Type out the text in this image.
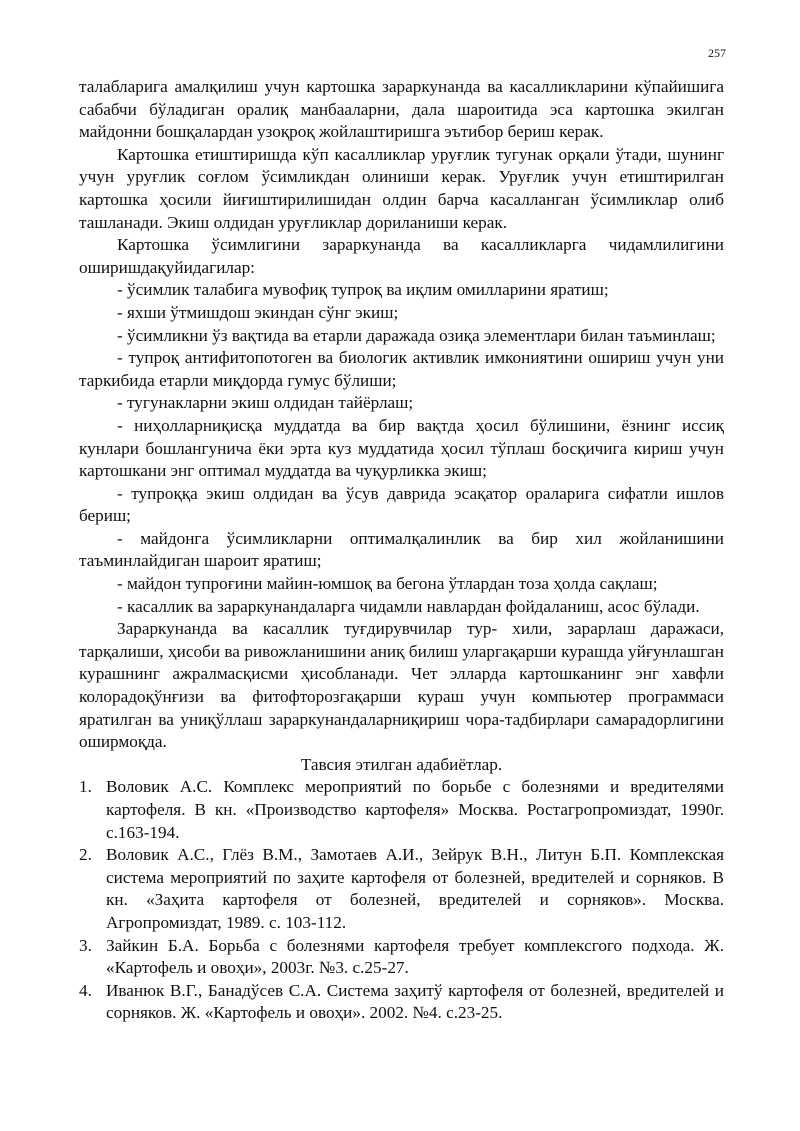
257

талабларига амалқилиш учун картошка зараркунанда ва касалликларини кўпайишига сабабчи бўладиган оралиқ манбааларни, дала шароитида эса картошка экилган майдонни бошқалардан узоқроқ жойлаштиришга эътибор бериш керак.

Картошка етиштиришда кўп касалликлар уруғлик тугунак орқали ўтади, шунинг учун уруғлик соғлом ўсимликдан олиниши керак. Уруғлик учун етиштирилган картошка ҳосили йиғиштирилишидан олдин барча касалланган ўсимликлар олиб ташланади. Экиш олдидан уруғликлар дориланиши керак.

Картошка ўсимлигини зараркунанда ва касалликларга чидамлилигини оширишдақуйидагилар:

- ўсимлик талабига мувофиқ тупроқ ва иқлим омилларини яратиш;

- яхши ўтмишдош экиндан сўнг экиш;

- ўсимликни ўз вақтида ва етарли даражада озиқа элементлари билан таъминлаш;

- тупроқ антифитопотоген ва биологик активлик имкониятини ошириш учун уни таркибида етарли миқдорда гумус бўлиши;

- тугунакларни экиш олдидан тайёрлаш;

- ниҳолларниқисқа муддатда ва бир вақтда ҳосил бўлишини, ёзнинг иссиқ кунлари бошлангунича ёки эрта куз муддатида ҳосил тўплаш босқичига кириш учун картошкани энг оптимал муддатда ва чуқурликка экиш;

- тупроққа экиш олдидан ва ўсув даврида эсақатор ораларига сифатли ишлов бериш;

- майдонга ўсимликларни оптималқалинлик ва бир хил жойланишини таъминлайдиган шароит яратиш;

- майдон тупроғини майин-юмшоқ ва бегона ўтлардан тоза ҳолда сақлаш;

- касаллик ва зараркунандаларга чидамли навлардан фойдаланиш, асос бўлади.

Зараркунанда ва касаллик туғдирувчилар тур- хили, зарарлаш даражаси, тарқалиши, ҳисоби ва ривожланишини аниқ билиш уларгақарши курашда уйғунлашган курашнинг ажралмасқисми ҳисобланади. Чет элларда картошканинг энг хавфли колорадоқўнғизи ва фитофторозгақарши кураш учун компьютер программаси яратилган ва униқўллаш зараркунандаларниқириш чора-тадбирлари самарадорлигини оширмоқда.

Тавсия этилган адабиётлар.

1. Воловик А.С. Комплекс мероприятий по борьбе с болезнями и вредителями картофеля. В кн. «Производство картофеля» Москва. Ростагропромиздат, 1990г. с.163-194.
2. Воловик А.С., Глёз В.М., Замотаев А.И., Зейрук В.Н., Литун Б.П. Комплекская система мероприятий по заҳите картофеля от болезней, вредителей и сорняков. В кн. «Заҳита картофеля от болезней, вредителей и сорняков». Москва. Агропромиздат, 1989. с. 103-112.
3. Зайкин Б.А. Борьба с болезнями картофеля требует комплексгого подхода. Ж. «Картофель и овоҳи», 2003г. №3. с.25-27.
4. Иванюк В.Г., Банадўсев С.А. Система заҳитў картофеля от болезней, вредителей и сорняков. Ж. «Картофель и овоҳи». 2002. №4. с.23-25.
